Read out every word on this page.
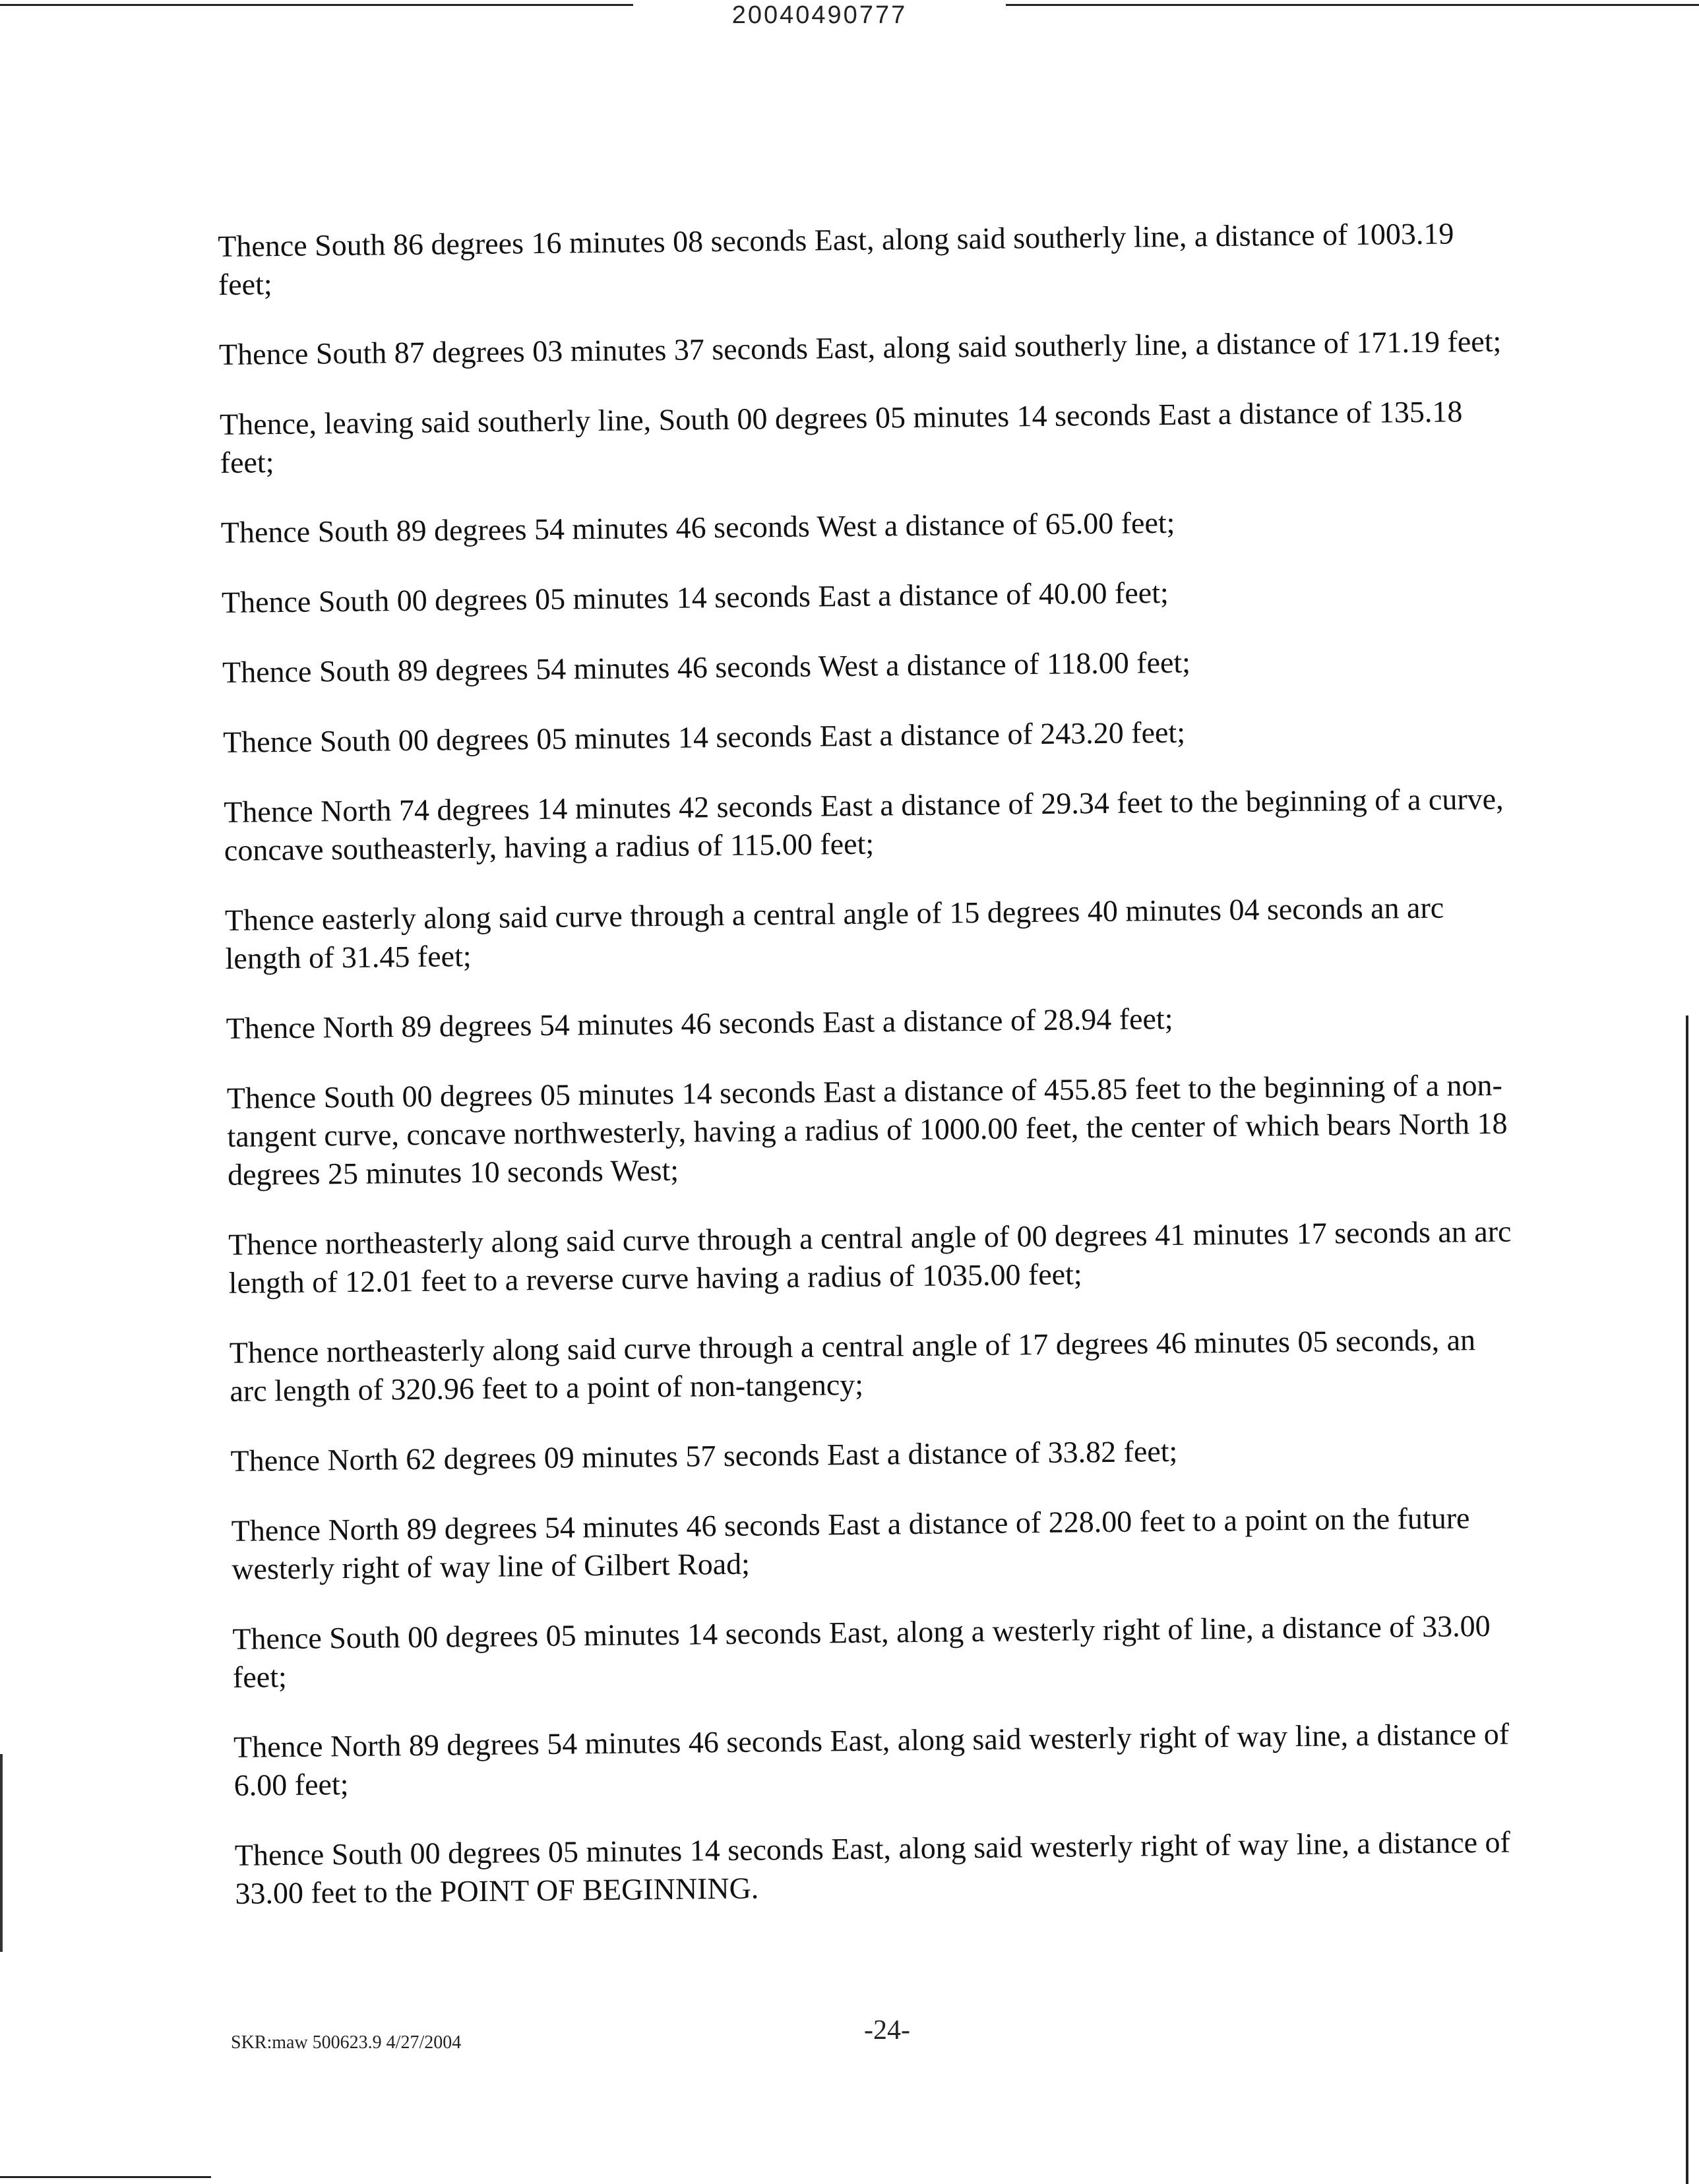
20040490777

Thence South 86 degrees 16 minutes 08 seconds East, along said southerly line, a distance of 1003.19 feet;

Thence South 87 degrees 03 minutes 37 seconds East, along said southerly line, a distance of 171.19 feet;

Thence, leaving said southerly line, South 00 degrees 05 minutes 14 seconds East a distance of 135.18 feet;

Thence South 89 degrees 54 minutes 46 seconds West a distance of 65.00 feet;

Thence South 00 degrees 05 minutes 14 seconds East a distance of 40.00 feet;

Thence South 89 degrees 54 minutes 46 seconds West a distance of 118.00 feet;

Thence South 00 degrees 05 minutes 14 seconds East a distance of 243.20 feet;

Thence North 74 degrees 14 minutes 42 seconds East a distance of 29.34 feet to the beginning of a curve, concave southeasterly, having a radius of 115.00 feet;

Thence easterly along said curve through a central angle of 15 degrees 40 minutes 04 seconds an arc length of 31.45 feet;

Thence North 89 degrees 54 minutes 46 seconds East a distance of 28.94 feet;

Thence South 00 degrees 05 minutes 14 seconds East a distance of 455.85 feet to the beginning of a non-tangent curve, concave northwesterly, having a radius of 1000.00 feet, the center of which bears North 18 degrees 25 minutes 10 seconds West;

Thence northeasterly along said curve through a central angle of 00 degrees 41 minutes 17 seconds an arc length of 12.01 feet to a reverse curve having a radius of 1035.00 feet;

Thence northeasterly along said curve through a central angle of 17 degrees 46 minutes 05 seconds, an arc length of 320.96 feet to a point of non-tangency;

Thence North 62 degrees 09 minutes 57 seconds East a distance of 33.82 feet;

Thence North 89 degrees 54 minutes 46 seconds East a distance of 228.00 feet to a point on the future westerly right of way line of Gilbert Road;

Thence South 00 degrees 05 minutes 14 seconds East, along a westerly right of line, a distance of 33.00 feet;

Thence North 89 degrees 54 minutes 46 seconds East, along said westerly right of way line, a distance of 6.00 feet;

Thence South 00 degrees 05 minutes 14 seconds East, along said westerly right of way line, a distance of 33.00 feet to the POINT OF BEGINNING.

-24-
SKR:maw 500623.9 4/27/2004
